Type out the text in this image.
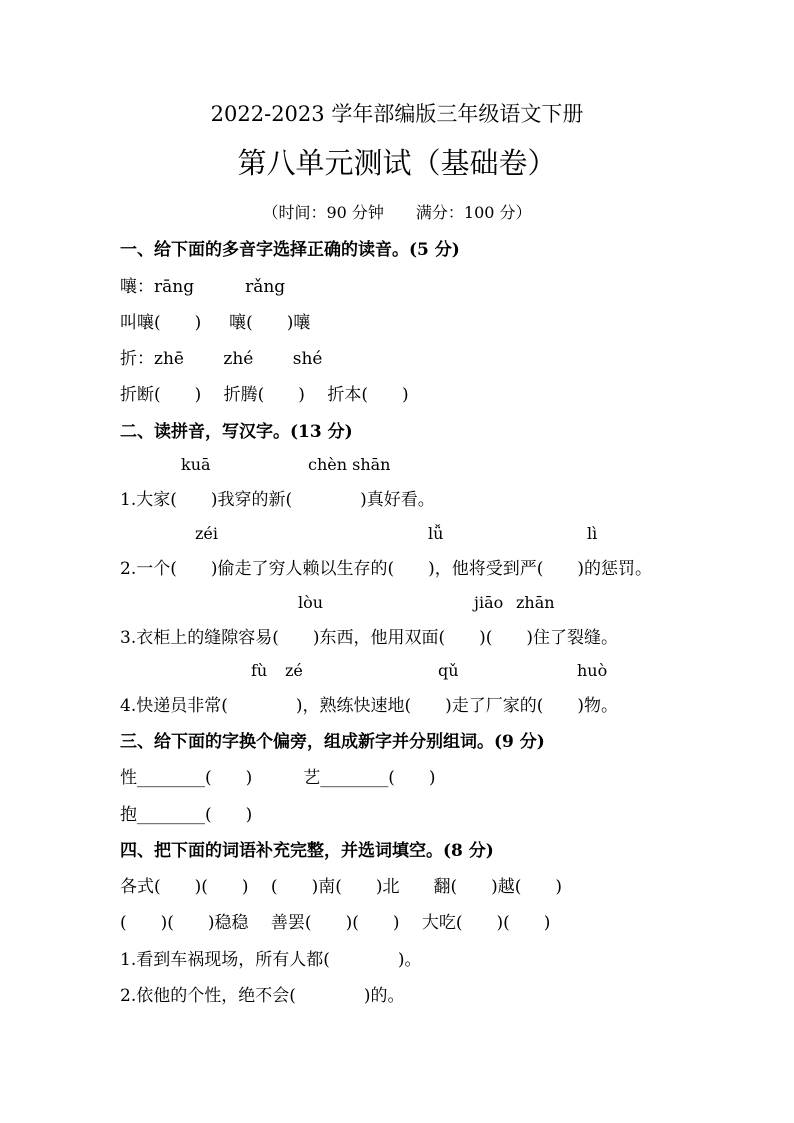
2022-2023 学年部编版三年级语文下册
第八单元测试（基础卷）
（时间：90 分钟　　满分：100 分）
一、给下面的多音字选择正确的读音。(5 分)
嚷：rāng　　　rǎng
叫嚷(　　)　  嚷(　　)嚷
折：zhē　　 zhé　　 shé
折断(　　)　 折腾(　　)　 折本(　　)
二、读拼音，写汉字。(13 分)
kuā	chèn shān
1.大家(　　)我穿的新(　　　　)真好看。
zéi	lǚ	lì
2.一个(　　)偷走了穷人赖以生存的(　　)，他将受到严(　　)的惩罚。
lòu	jiāo zhān
3.衣柜上的缝隙容易(　　)东西，他用双面(　　)(　　)住了裂缝。
fù zé	qǔ	huò
4.快递员非常(　　　　)，熟练快速地(　　)走了厂家的(　　)物。
三、给下面的字换个偏旁，组成新字并分别组词。(9 分)
性________(　　)　　　艺________(　　)
抱________(　　)
四、把下面的词语补充完整，并选词填空。(8 分)
各式(　　)(　　)　 (　　)南(　　)北　　翻(　　)越(　　)
(　　)(　　)稳稳　 善罢(　　)(　　)　 大吃(　　)(　　)
1.看到车祸现场，所有人都(　　　　)。
2.依他的个性，绝不会(　　　　)的。
